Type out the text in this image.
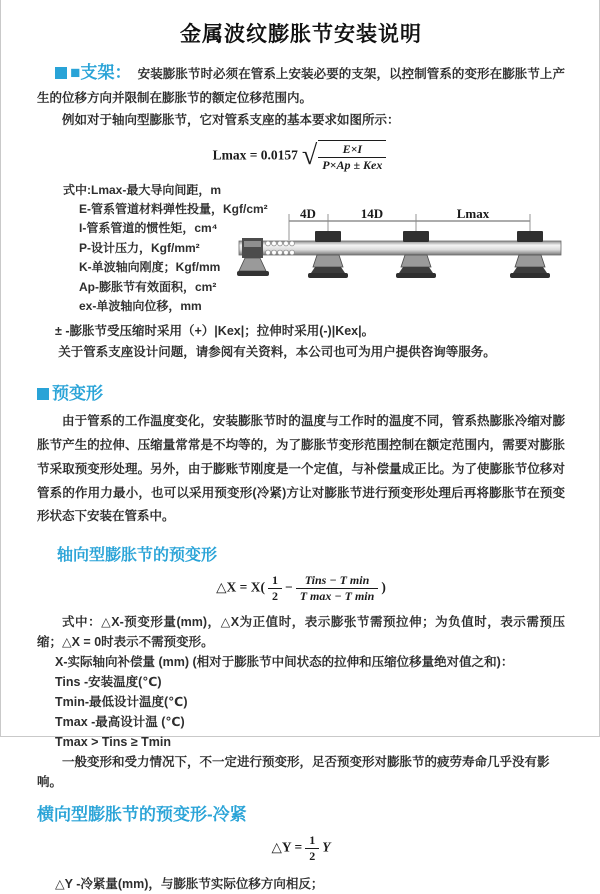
金属波纹膨胀节安装说明

■支架： 安装膨胀节时必须在管系上安装必要的支架，以控制管系的变形在膨胀节上产生的位移方向并限制在膨胀节的额定位移范围内。

例如对于轴向型膨胀节，它对管系支座的基本要求如图所示：

Lmax = 0.0157 √ $\frac{E\times I}{\text{P×Ap ± Kex}}$
式中:Lmax-最大导向间距，m
E-管系管道材料弹性投量，Kgf/cm²
I-管系管道的惯性矩，cm⁴
P-设计压力，Kgf/mm²
K-单波轴向刚度；Kgf/mm
Ap-膨胀节有效面积，cm²
ex-单波轴向位移，mm
4D	14D	Lmax

± -膨胀节受压缩时采用（+）|Kex|；拉伸时采用(-)|Kex|。

关于管系支座设计问题，请参阅有关资料，本公司也可为用户提供咨询等服务。

预变形

由于管系的工作温度变化，安装膨胀节时的温度与工作时的温度不同，管系热膨胀冷缩对膨胀节产生的拉伸、压缩量常常是不均等的，为了膨胀节变形范围控制在额定范围内，需要对膨胀节采取预变形处理。另外，由于膨账节刚度是一个定值，与补偿量成正比。为了使膨胀节位移对管系的作用力最小，也可以采用预变形(冷紧)方让对膨胀节进行预变形处理后再将膨胀节在预变形状态下安装在管系中。

轴向型膨胀节的预变形
△X = $X( \frac{1}{2} - \frac{\text{Tins − T min}}{\text{T max − T min}}$ )

式中：△X-预变形量(mm)，△X为正值时，表示膨张节需预拉伸；为负值时，表示需预压缩；△X = 0时表示不需预变形。

X-实际轴向补偿量 (mm) (相对于膨胀节中间状态的拉伸和压缩位移量绝对值之和)：

Tins -安装温度(℃)

Tmin-最低设计温度(℃)

Tmax -最高设计温 (℃)

Tmax > Tins ≥ Tmin

一般变形和受力情况下，不一定进行预变形，足否预变形对膨胀节的疲劳寿命几乎没有影响。

横向型膨胀节的预变形-冷紧
△Y = $\frac{1}{2}$ Y

△Y -冷紧量(mm)，与膨胀节实际位移方向相反；
